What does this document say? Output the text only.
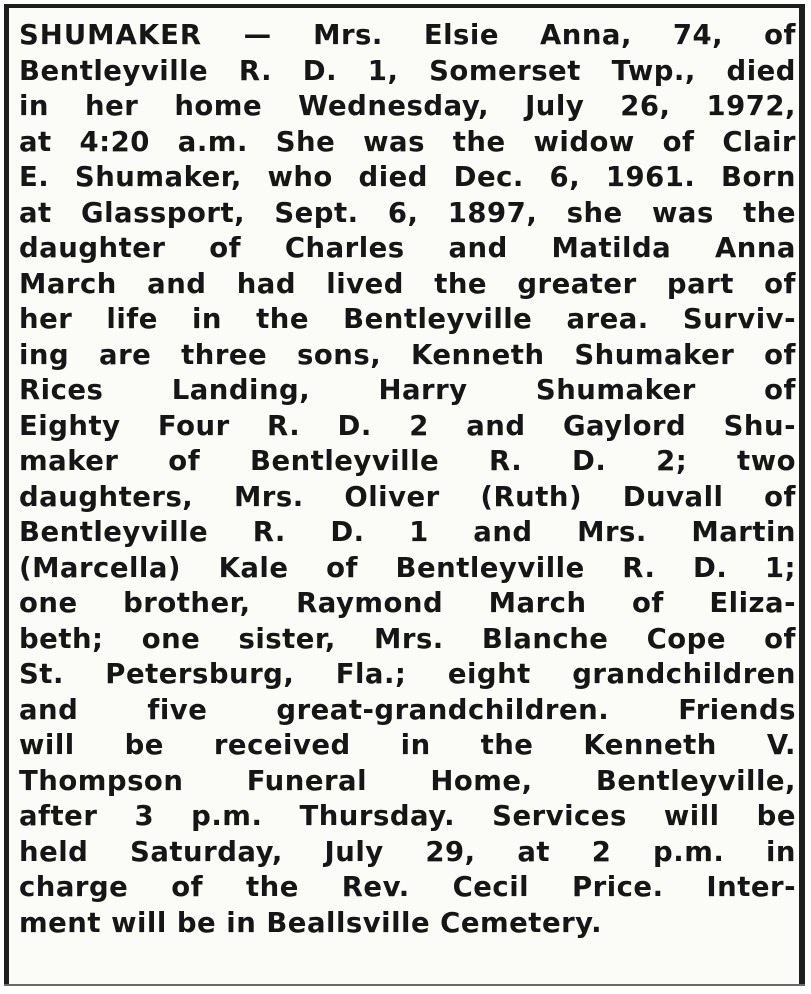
SHUMAKER — Mrs. Elsie Anna, 74, of
Bentleyville R. D. 1, Somerset Twp., died
in her home Wednesday, July 26, 1972,
at 4:20 a.m. She was the widow of Clair
E. Shumaker, who died Dec. 6, 1961. Born
at Glassport, Sept. 6, 1897, she was the
daughter of Charles and Matilda Anna
March and had lived the greater part of
her life in the Bentleyville area. Surviv-
ing are three sons, Kenneth Shumaker of
Rices Landing, Harry Shumaker of
Eighty Four R. D. 2 and Gaylord Shu-
maker of Bentleyville R. D. 2; two
daughters, Mrs. Oliver (Ruth) Duvall of
Bentleyville R. D. 1 and Mrs. Martin
(Marcella) Kale of Bentleyville R. D. 1;
one brother, Raymond March of Eliza-
beth; one sister, Mrs. Blanche Cope of
St. Petersburg, Fla.; eight grandchildren
and five great-grandchildren. Friends
will be received in the Kenneth V.
Thompson Funeral Home, Bentleyville,
after 3 p.m. Thursday. Services will be
held Saturday, July 29, at 2 p.m. in
charge of the Rev. Cecil Price. Inter-
ment will be in Beallsville Cemetery.
